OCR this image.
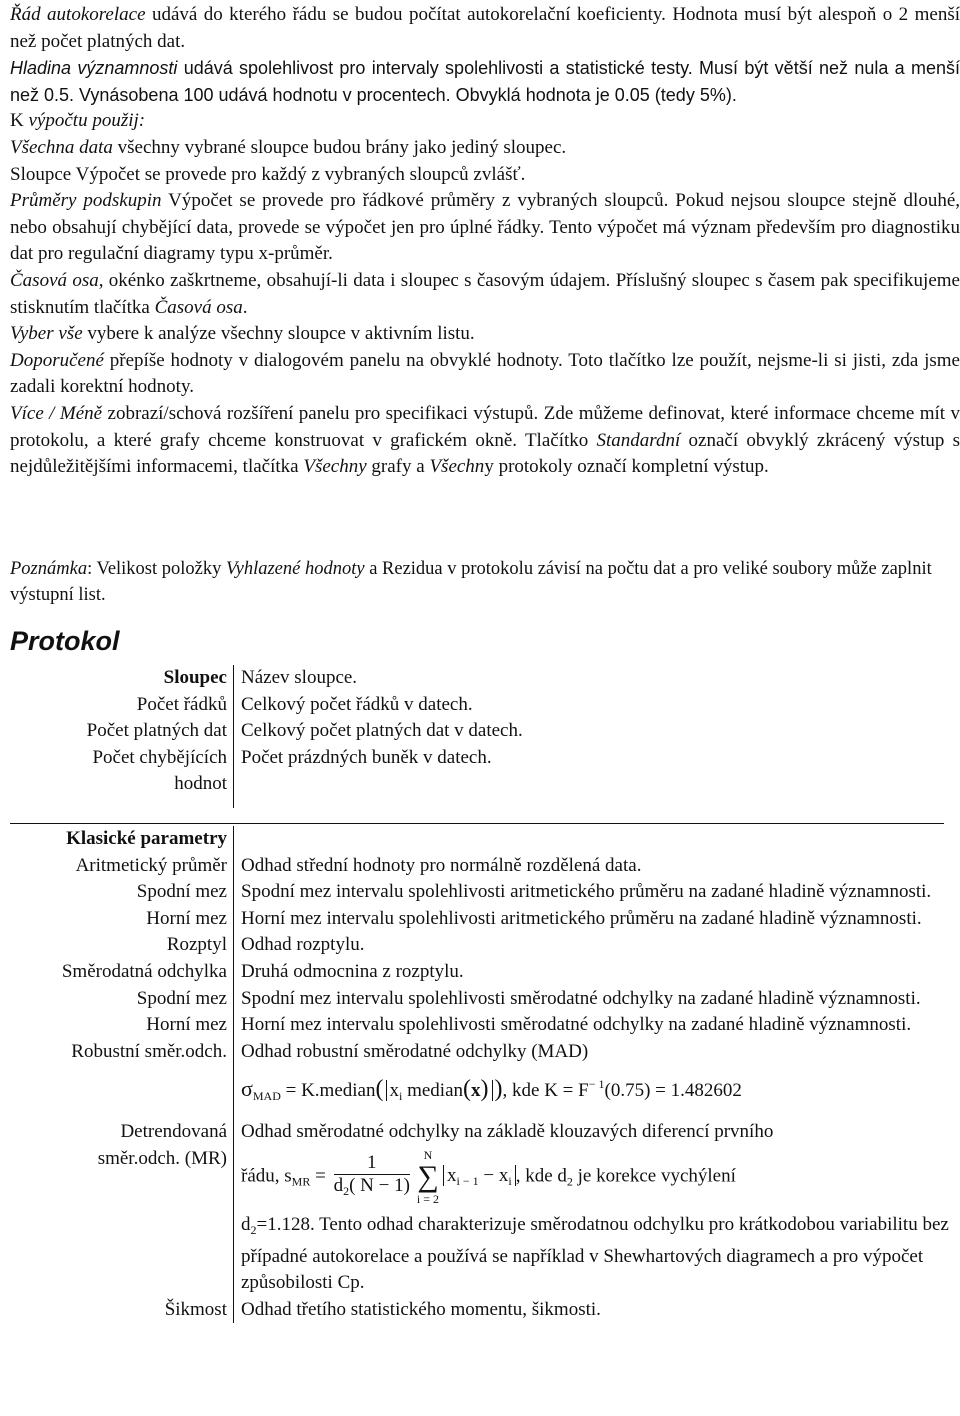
Řád autokorelace udává do kterého řádu se budou počítat autokorelační koeficienty. Hodnota musí být alespoň o 2 menší než počet platných dat.

Hladina významnosti udává spolehlivost pro intervaly spolehlivosti a statistické testy. Musí být větší než nula a menší než 0.5. Vynásobena 100 udává hodnotu v procentech. Obvyklá hodnota je 0.05 (tedy 5%).

K výpočtu použij:

Všechna data všechny vybrané sloupce budou brány jako jediný sloupec.

Sloupce Výpočet se provede pro každý z vybraných sloupců zvlášť.

Průměry podskupin Výpočet se provede pro řádkové průměry z vybraných sloupců. Pokud nejsou sloupce stejně dlouhé, nebo obsahují chybějící data, provede se výpočet jen pro úplné řádky. Tento výpočet má význam především pro diagnostiku dat pro regulační diagramy typu x-průměr.

Časová osa, okénko zaškrtneme, obsahují-li data i sloupec s časovým údajem. Příslušný sloupec s časem pak specifikujeme stisknutím tlačítka Časová osa.

Vyber vše vybere k analýze všechny sloupce v aktivním listu.

Doporučené přepíše hodnoty v dialogovém panelu na obvyklé hodnoty. Toto tlačítko lze použít, nejsme-li si jisti, zda jsme zadali korektní hodnoty.

Více / Méně zobrazí/schová rozšíření panelu pro specifikaci výstupů. Zde můžeme definovat, které informace chceme mít v protokolu, a které grafy chceme konstruovat v grafickém okně. Tlačítko Standardní označí obvyklý zkrácený výstup s nejdůležitějšími informacemi, tlačítka Všechny grafy a Všechny protokoly označí kompletní výstup.

Poznámka: Velikost položky Vyhlazené hodnoty a Rezidua v protokolu závisí na počtu dat a pro veliké soubory může zaplnit výstupní list.

Protokol
Sloupec Název sloupce.
Počet řádků Celkový počet řádků v datech.
Počet platných dat Celkový počet platných dat v datech.
Počet chybějících hodnot
Počet prázdných buněk v datech.
Klasické parametry
Aritmetický průměr Odhad střední hodnoty pro normálně rozdělená data.
Spodní mez Spodní mez intervalu spolehlivosti aritmetického průměru na zadané hladině významnosti.
Horní mez Horní mez intervalu spolehlivosti aritmetického průměru na zadané hladině významnosti.
Rozptyl Odhad rozptylu.
Směrodatná odchylka Druhá odmocnina z rozptylu.
Spodní mez Spodní mez intervalu spolehlivosti směrodatné odchylky na zadané hladině významnosti.
Horní mez Horní mez intervalu spolehlivosti směrodatné odchylky na zadané hladině významnosti.
Robustní směr.odch. Odhad robustní směrodatné odchylky (MAD)
$\sigma_{MAD}$ = K.median( $x_i$ median(x) ), kde $K = F^{- 1}(0.75) = 1.482602$
Detrendovaná směr.odch. (MR)
Odhad směrodatné odchylky na základě klouzavých diferencí prvního
řádu, $s_{MR} = \frac{1}{d_2( N - 1)}$	N
∑
i = 2
$x_{i - 1} - x_i$ , kde $d_2$ je korekce vychýlení
$d_2=1.128$. Tento odhad charakterizuje směrodatnou odchylku pro krátkodobou variabilitu bez případné autokorelace a používá se například v Shewhartových diagramech a pro výpočet způsobilosti Cp.
Šikmost Odhad třetího statistického momentu, šikmosti.
